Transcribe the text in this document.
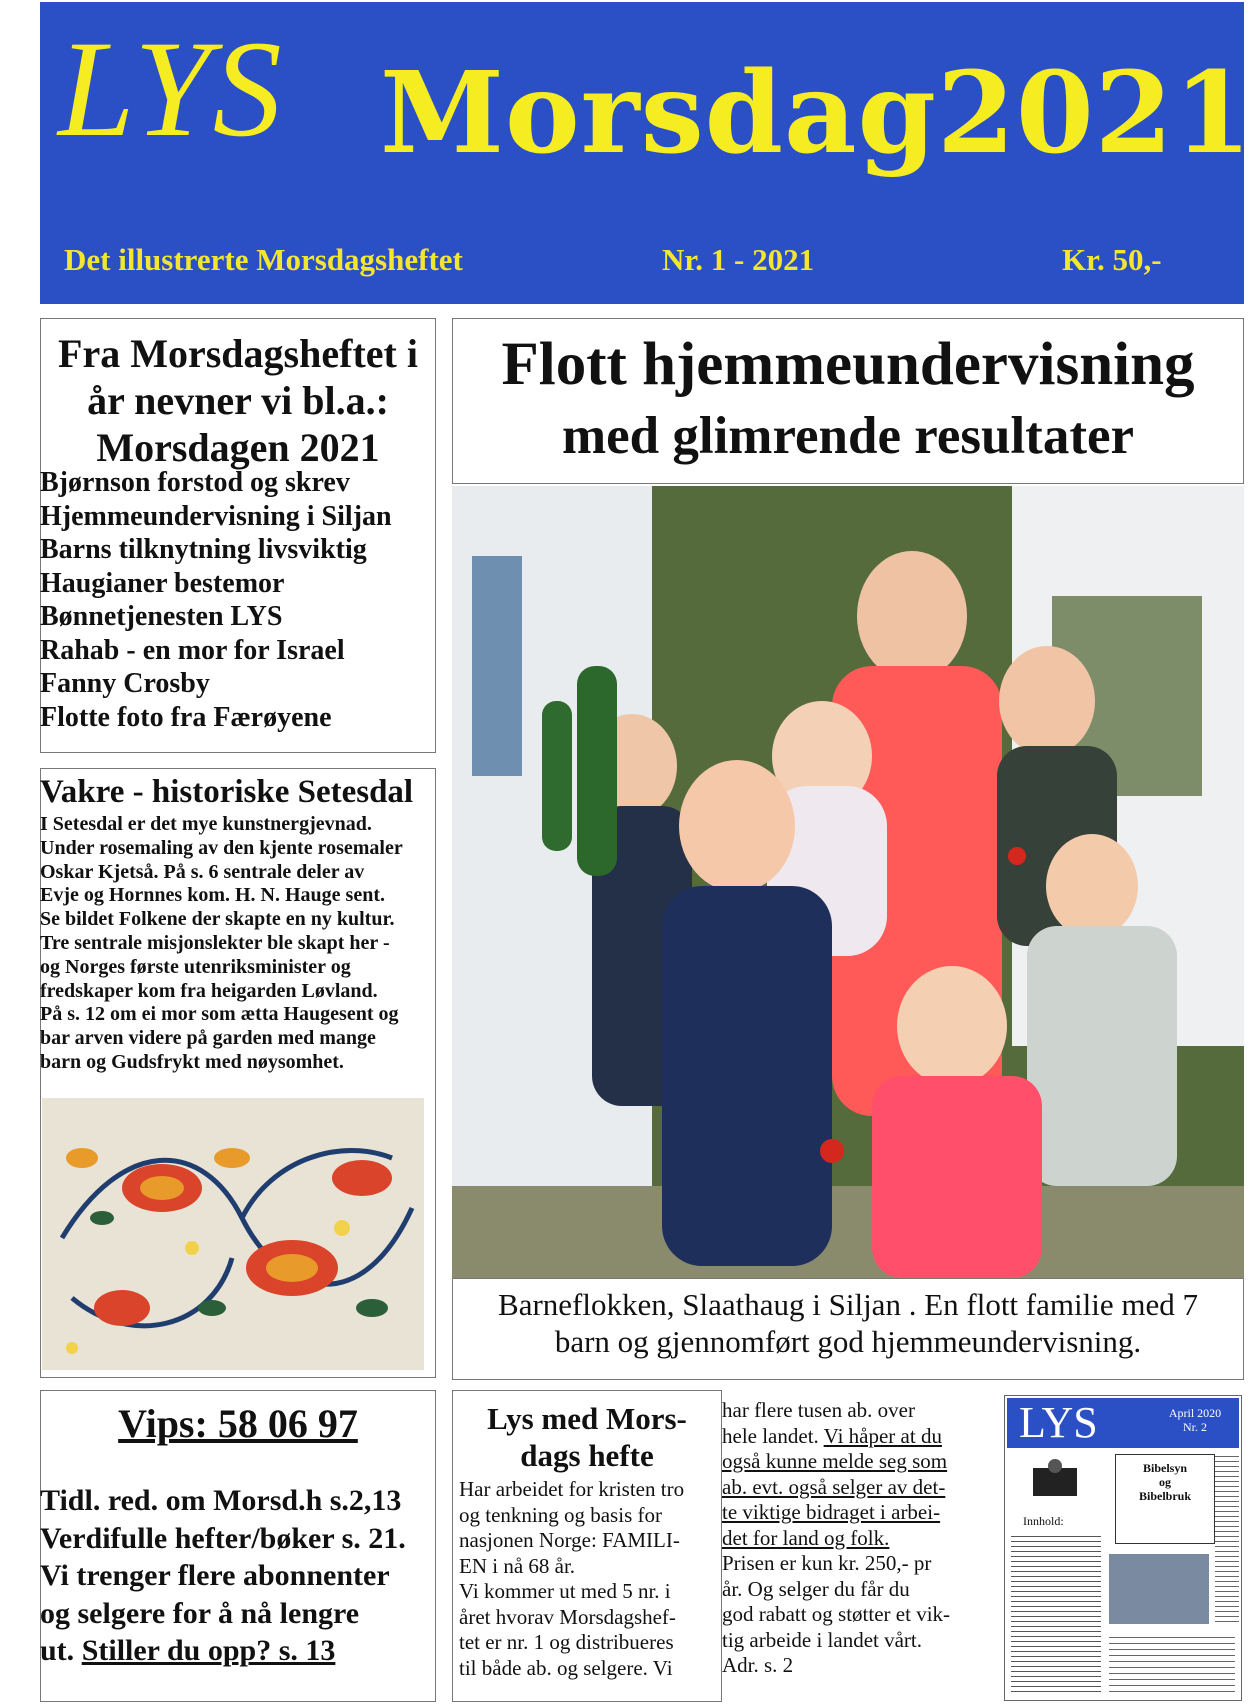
LYS Morsdag2021
Det illustrerte Morsdagsheftet	Nr. 1 - 2021	Kr. 50,-
Fra Morsdagsheftet i
år nevner vi bl.a.:
Morsdagen 2021
Bjørnson forstod og skrev
Hjemmeundervisning i Siljan
Barns tilknytning livsviktig
Haugianer bestemor
Bønnetjenesten LYS
Rahab - en mor for Israel
Fanny Crosby
Flotte foto fra Færøyene
Vakre - historiske Setesdal
I Setesdal er det mye kunstnergjevnad.
Under rosemaling av den kjente rosemaler
Oskar Kjetså. På s. 6 sentrale deler av
Evje og Hornnes kom. H. N. Hauge sent.
Se bildet Folkene der skapte en ny kultur.
Tre sentrale misjonslekter ble skapt her -
og Norges første utenriksminister og
fredskaper kom fra heigarden Løvland.
På s. 12 om ei mor som ætta Haugesent og
bar arven videre på garden med mange
barn og Gudsfrykt med nøysomhet.
Flott hjemmeundervisning
med glimrende resultater
Barneflokken, Slaathaug i Siljan . En flott familie med 7
barn og gjennomført god hjemmeundervisning.
Vips: 58 06 97
Tidl. red. om Morsd.h s.2,13
Verdifulle hefter/bøker s. 21.
Vi trenger flere abonnenter
og selgere for å nå lengre
ut. Stiller du opp? s. 13
Lys med Mors-
dags hefte
Har arbeidet for kristen tro
og tenkning og basis for
nasjonen Norge: FAMILI-
EN i nå 68 år.
Vi kommer ut med 5 nr. i
året hvorav Morsdagshef-
tet er nr. 1 og distribueres
til både ab. og selgere. Vi
har flere tusen ab. over
hele landet. Vi håper at du
også kunne melde seg som
ab. evt. også selger av det-
te viktige bidraget i arbei-
det for land og folk.
Prisen er kun kr. 250,- pr
år. Og selger du får du
god rabatt og støtter et vik-
tig arbeide i landet vårt.
Adr. s. 2
LYS	April 2020
Nr. 2
Bibelsyn
og
Bibelbruk
Innhold:
